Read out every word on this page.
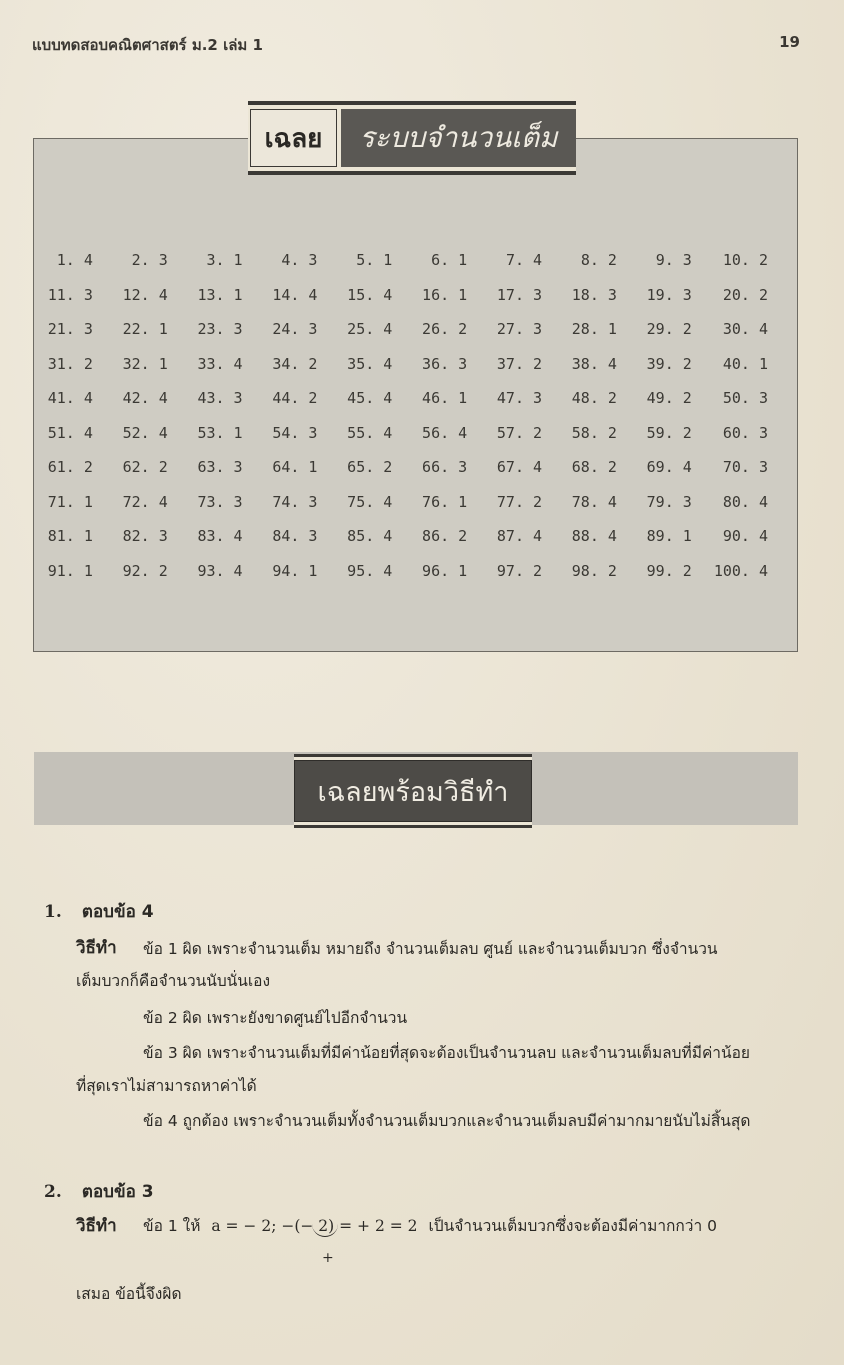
แบบทดสอบคณิตศาสตร์ ม.2 เล่ม 1	19
เฉลย	ระบบจำนวนเต็ม
1. 4	2. 3	3. 1	4. 3	5. 1	6. 1	7. 4	8. 2	9. 3	10. 2
11. 3	12. 4	13. 1	14. 4	15. 4	16. 1	17. 3	18. 3	19. 3	20. 2
21. 3	22. 1	23. 3	24. 3	25. 4	26. 2	27. 3	28. 1	29. 2	30. 4
31. 2	32. 1	33. 4	34. 2	35. 4	36. 3	37. 2	38. 4	39. 2	40. 1
41. 4	42. 4	43. 3	44. 2	45. 4	46. 1	47. 3	48. 2	49. 2	50. 3
51. 4	52. 4	53. 1	54. 3	55. 4	56. 4	57. 2	58. 2	59. 2	60. 3
61. 2	62. 2	63. 3	64. 1	65. 2	66. 3	67. 4	68. 2	69. 4	70. 3
71. 1	72. 4	73. 3	74. 3	75. 4	76. 1	77. 2	78. 4	79. 3	80. 4
81. 1	82. 3	83. 4	84. 3	85. 4	86. 2	87. 4	88. 4	89. 1	90. 4
91. 1	92. 2	93. 4	94. 1	95. 4	96. 1	97. 2	98. 2	99. 2	100. 4
เฉลยพร้อมวิธีทำ
1. ตอบข้อ 4
วิธีทำ ข้อ 1 ผิด เพราะจำนวนเต็ม หมายถึง จำนวนเต็มลบ ศูนย์ และจำนวนเต็มบวก ซึ่งจำนวน
เต็มบวกก็คือจำนวนนับนั่นเอง
ข้อ 2 ผิด เพราะยังขาดศูนย์ไปอีกจำนวน
ข้อ 3 ผิด เพราะจำนวนเต็มที่มีค่าน้อยที่สุดจะต้องเป็นจำนวนลบ และจำนวนเต็มลบที่มีค่าน้อย
ที่สุดเราไม่สามารถหาค่าได้
ข้อ 4 ถูกต้อง เพราะจำนวนเต็มทั้งจำนวนเต็มบวกและจำนวนเต็มลบมีค่ามากมายนับไม่สิ้นสุด
2. ตอบข้อ 3
วิธีทำ ข้อ 1 ให้ a = − 2; −(− 2) = + 2 = 2 เป็นจำนวนเต็มบวกซึ่งจะต้องมีค่ามากกว่า 0
+
เสมอ ข้อนี้จึงผิด
